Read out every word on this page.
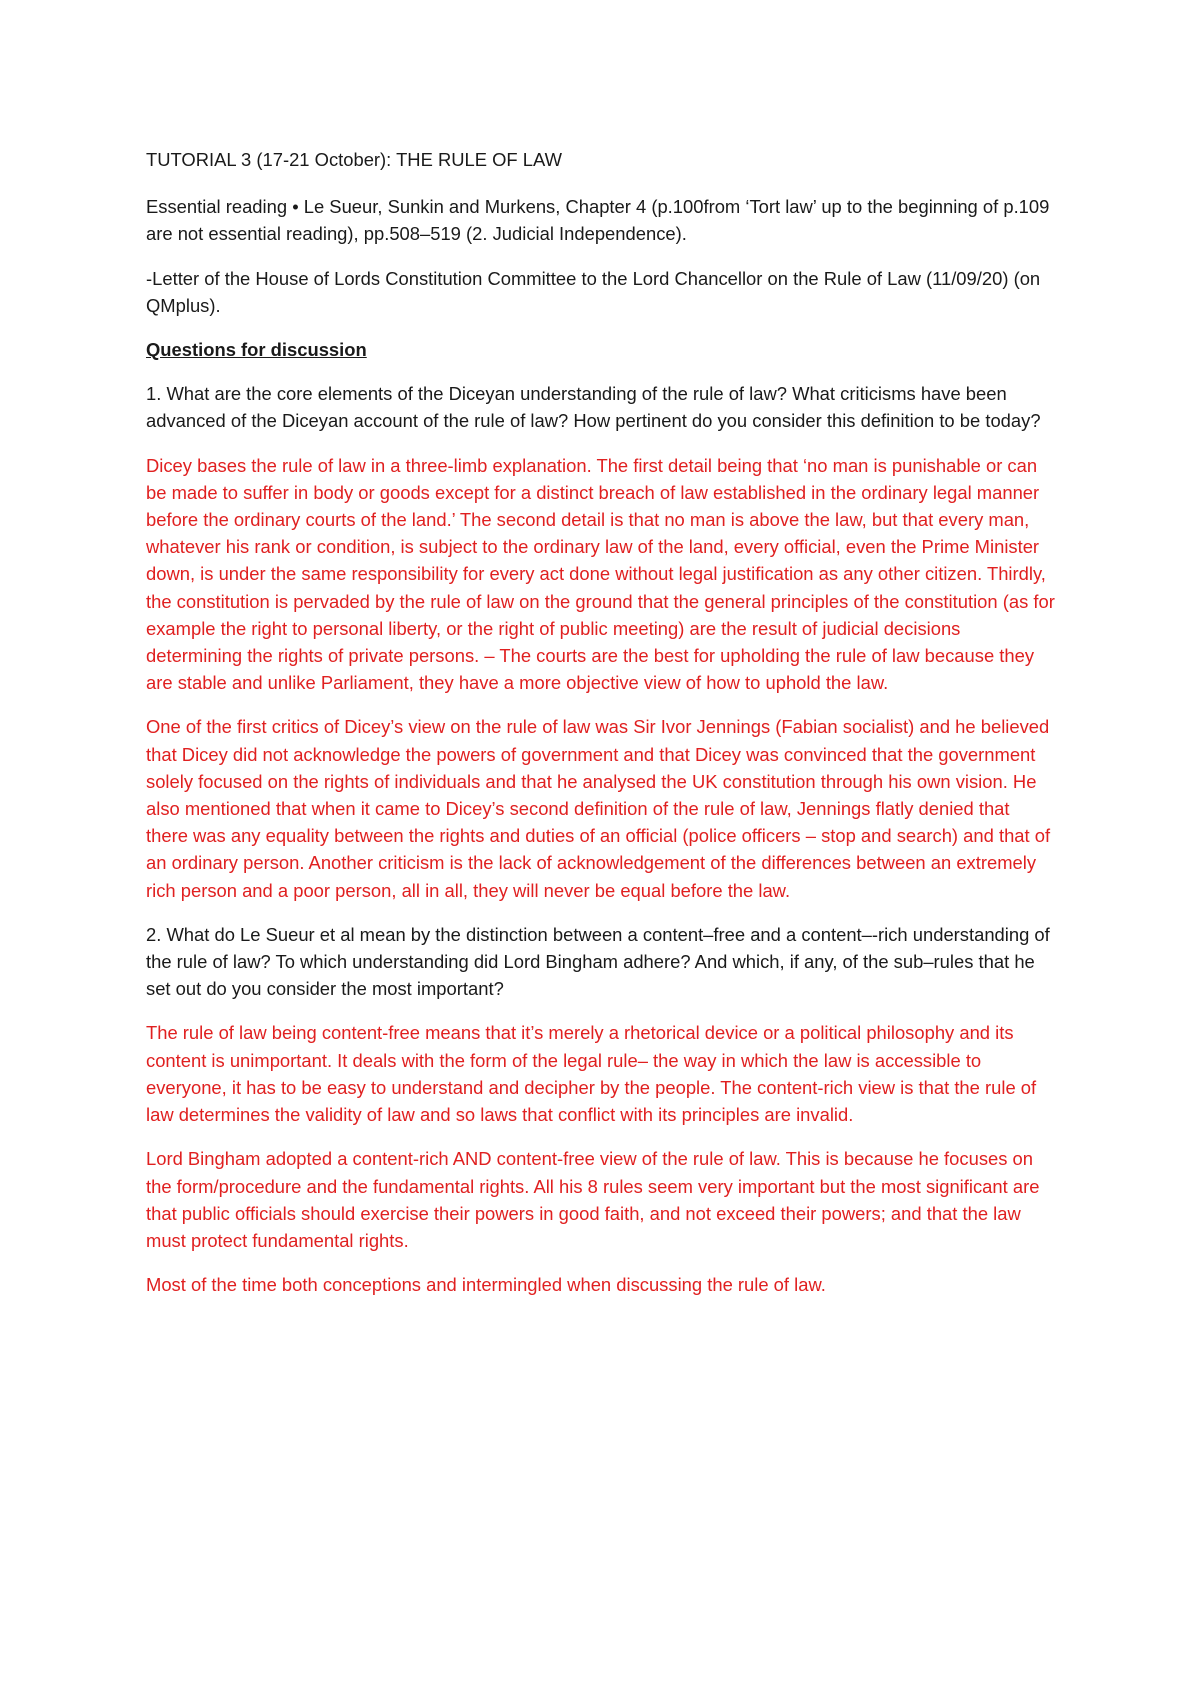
TUTORIAL 3 (17-21 October): THE RULE OF LAW

Essential reading • Le Sueur, Sunkin and Murkens, Chapter 4 (p.100from ‘Tort law’ up to the beginning of p.109 are not essential reading), pp.508–519 (2. Judicial Independence).

-Letter of the House of Lords Constitution Committee to the Lord Chancellor on the Rule of Law (11/09/20) (on QMplus).

Questions for discussion

1. What are the core elements of the Diceyan understanding of the rule of law? What criticisms have been advanced of the Diceyan account of the rule of law? How pertinent do you consider this definition to be today?

Dicey bases the rule of law in a three-limb explanation. The first detail being that ‘no man is punishable or can be made to suffer in body or goods except for a distinct breach of law established in the ordinary legal manner before the ordinary courts of the land.’ The second detail is that no man is above the law, but that every man, whatever his rank or condition, is subject to the ordinary law of the land, every official, even the Prime Minister down, is under the same responsibility for every act done without legal justification as any other citizen. Thirdly, the constitution is pervaded by the rule of law on the ground that the general principles of the constitution (as for example the right to personal liberty, or the right of public meeting) are the result of judicial decisions determining the rights of private persons. – The courts are the best for upholding the rule of law because they are stable and unlike Parliament, they have a more objective view of how to uphold the law.

One of the first critics of Dicey’s view on the rule of law was Sir Ivor Jennings (Fabian socialist) and he believed that Dicey did not acknowledge the powers of government and that Dicey was convinced that the government solely focused on the rights of individuals and that he analysed the UK constitution through his own vision. He also mentioned that when it came to Dicey’s second definition of the rule of law, Jennings flatly denied that there was any equality between the rights and duties of an official (police officers – stop and search) and that of an ordinary person. Another criticism is the lack of acknowledgement of the differences between an extremely rich person and a poor person, all in all, they will never be equal before the law.

2. What do Le Sueur et al mean by the distinction between a content–free and a content–-rich understanding of the rule of law? To which understanding did Lord Bingham adhere? And which, if any, of the sub–rules that he set out do you consider the most important?

The rule of law being content-free means that it’s merely a rhetorical device or a political philosophy and its content is unimportant. It deals with the form of the legal rule– the way in which the law is accessible to everyone, it has to be easy to understand and decipher by the people. The content-rich view is that the rule of law determines the validity of law and so laws that conflict with its principles are invalid.

Lord Bingham adopted a content-rich AND content-free view of the rule of law. This is because he focuses on the form/procedure and the fundamental rights. All his 8 rules seem very important but the most significant are that public officials should exercise their powers in good faith, and not exceed their powers; and that the law must protect fundamental rights.

Most of the time both conceptions and intermingled when discussing the rule of law.
